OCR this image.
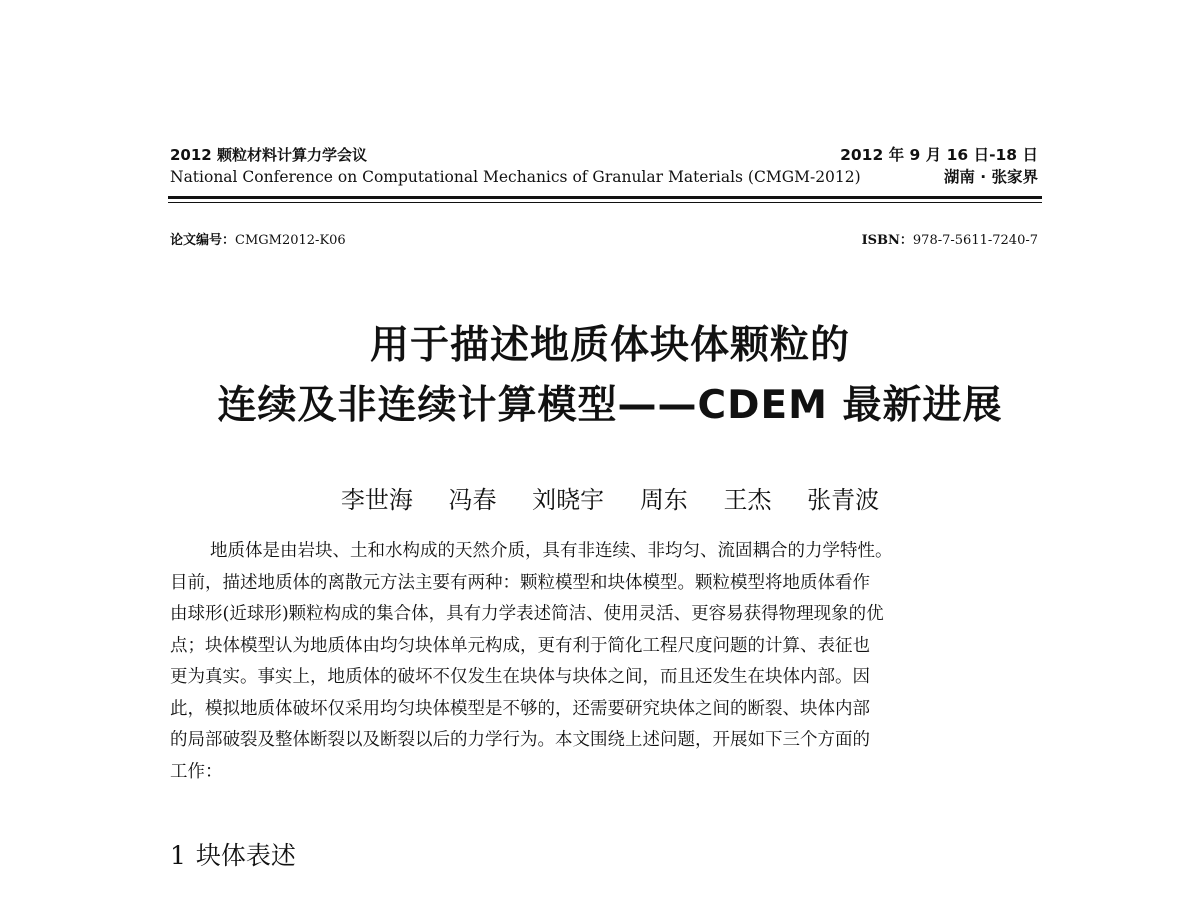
2012 颗粒材料计算力学会议
National Conference on Computational Mechanics of Granular Materials (CMGM-2012)
2012 年 9 月 16 日-18 日
湖南 · 张家界
论文编号：CMGM2012-K06	ISBN：978-7-5611-7240-7
用于描述地质体块体颗粒的
连续及非连续计算模型——CDEM 最新进展
李世海 冯春 刘晓宇 周东 王杰 张青波
地质体是由岩块、土和水构成的天然介质，具有非连续、非均匀、流固耦合的力学特性。
目前，描述地质体的离散元方法主要有两种：颗粒模型和块体模型。颗粒模型将地质体看作
由球形(近球形)颗粒构成的集合体，具有力学表述简洁、使用灵活、更容易获得物理现象的优
点；块体模型认为地质体由均匀块体单元构成，更有利于简化工程尺度问题的计算、表征也
更为真实。事实上，地质体的破坏不仅发生在块体与块体之间，而且还发生在块体内部。因
此，模拟地质体破坏仅采用均匀块体模型是不够的，还需要研究块体之间的断裂、块体内部
的局部破裂及整体断裂以及断裂以后的力学行为。本文围绕上述问题，开展如下三个方面的
工作：
1 块体表述
